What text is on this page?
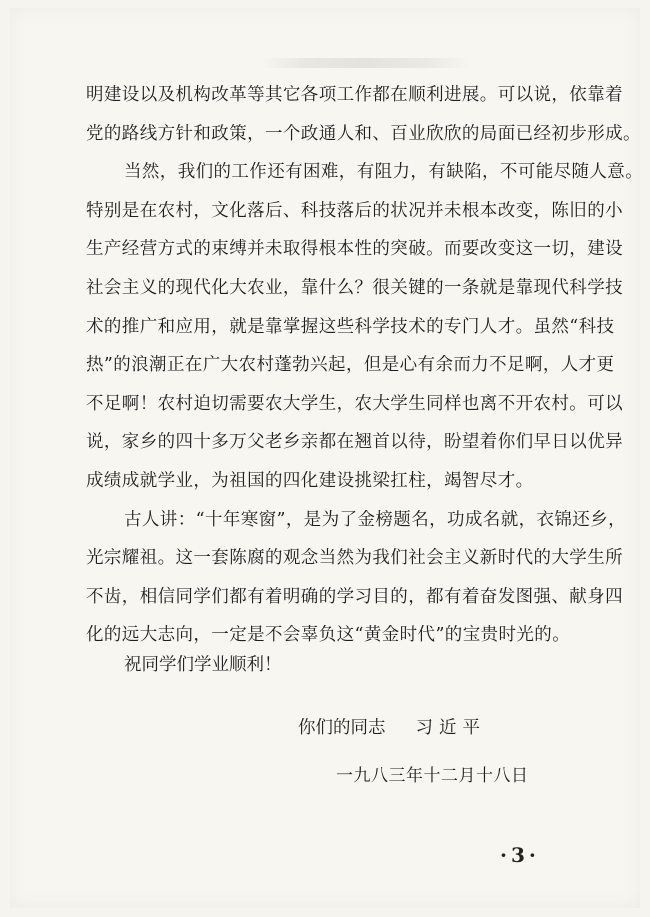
明建设以及机构改革等其它各项工作都在顺利进展。可以说，依靠着
党的路线方针和政策，一个政通人和、百业欣欣的局面已经初步形成。
当然，我们的工作还有困难，有阻力，有缺陷，不可能尽随人意。
特别是在农村，文化落后、科技落后的状况并未根本改变，陈旧的小
生产经营方式的束缚并未取得根本性的突破。而要改变这一切，建设
社会主义的现代化大农业，靠什么？很关键的一条就是靠现代科学技
术的推广和应用，就是靠掌握这些科学技术的专门人才。虽然“科技
热”的浪潮正在广大农村蓬勃兴起，但是心有余而力不足啊，人才更
不足啊！农村迫切需要农大学生，农大学生同样也离不开农村。可以
说，家乡的四十多万父老乡亲都在翘首以待，盼望着你们早日以优异
成绩成就学业，为祖国的四化建设挑梁扛柱，竭智尽才。
古人讲：“十年寒窗”，是为了金榜题名，功成名就，衣锦还乡，
光宗耀祖。这一套陈腐的观念当然为我们社会主义新时代的大学生所
不齿，相信同学们都有着明确的学习目的，都有着奋发图强、献身四
化的远大志向，一定是不会辜负这“黄金时代”的宝贵时光的。
祝同学们学业顺利！
你们的同志 习近平
一九八三年十二月十八日
·3·
